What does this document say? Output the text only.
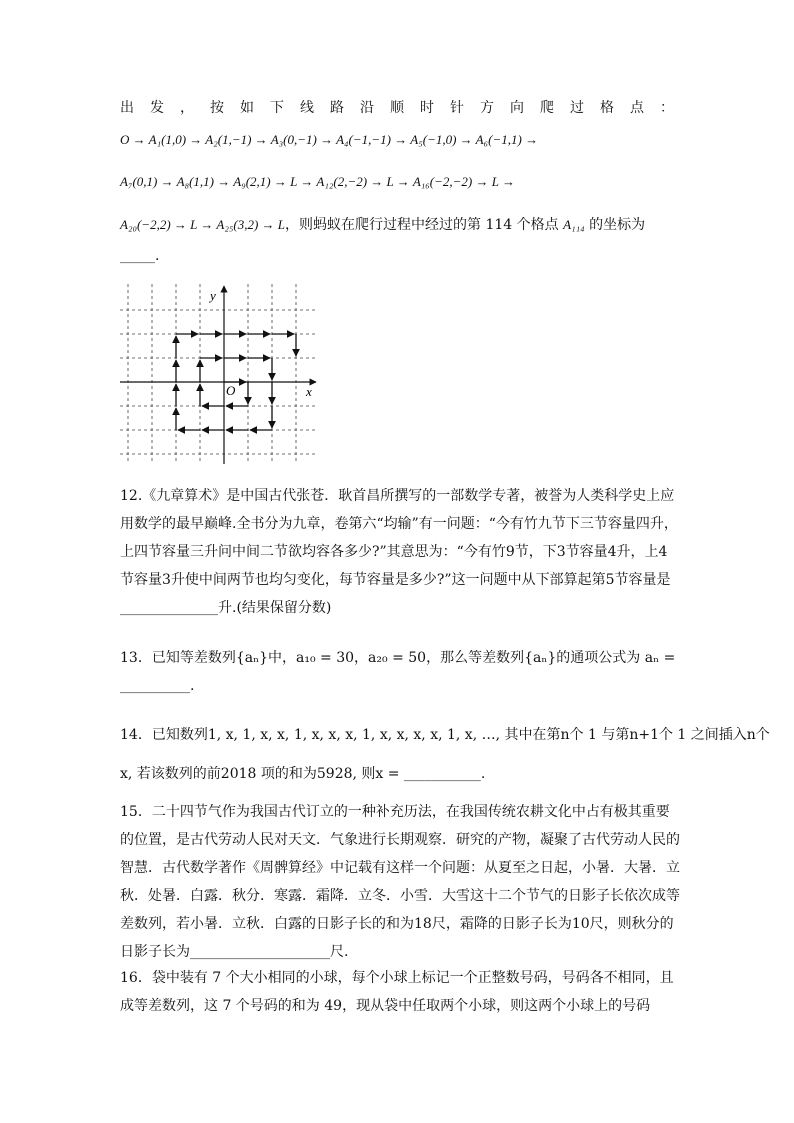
出 发 ， 按 如 下 线 路 沿 顺 时 针 方 向 爬 过 格 点 ：
O → A₁(1,0) → A₂(1,−1) → A₃(0,−1) → A₄(−1,−1) → A₅(−1,0) → A₆(−1,1) →
A₇(0,1) → A₈(1,1) → A₉(2,1) → L → A₁₂(2,−2) → L → A₁₆(−2,−2) → L →
A₂₀(−2,2) → L → A₂₅(3,2) → L，则蚂蚁在爬行过程中经过的第 114 个格点 A₁₁₄ 的坐标为
_____.
x
y
O
12.《九章算术》是中国古代张苍．耿首昌所撰写的一部数学专著，被誉为人类科学史上应用数学的最早巅峰.全书分为九章，卷第六“均输”有一问题：“今有竹九节下三节容量四升，上四节容量三升问中间二节欲均容各多少?”其意思为：“今有竹9节，下3节容量4升，上4节容量3升使中间两节也均匀变化，每节容量是多少?”这一问题中从下部算起第5节容量是 ______________升.(结果保留分数)
13．已知等差数列{aₙ}中，a₁₀ = 30，a₂₀ = 50，那么等差数列{aₙ}的通项公式为 aₙ = __________.
14．已知数列1, x, 1, x, x, 1, x, x, x, 1, x, x, x, x, 1, x, …, 其中在第n个 1 与第n+1个 1 之间插入n个
x, 若该数列的前2018 项的和为5928, 则x = ___________.
15．二十四节气作为我国古代订立的一种补充历法，在我国传统农耕文化中占有极其重要的位置，是古代劳动人民对天文．气象进行长期观察．研究的产物，凝聚了古代劳动人民的智慧．古代数学著作《周髀算经》中记载有这样一个问题：从夏至之日起，小暑．大暑．立秋．处暑．白露．秋分．寒露．霜降．立冬．小雪．大雪这十二个节气的日影子长依次成等差数列，若小暑．立秋．白露的日影子长的和为18尺，霜降的日影子长为10尺，则秋分的日影子长为____________________尺.
16．袋中装有 7 个大小相同的小球，每个小球上标记一个正整数号码，号码各不相同，且成等差数列，这 7 个号码的和为 49，现从袋中任取两个小球，则这两个小球上的号码
